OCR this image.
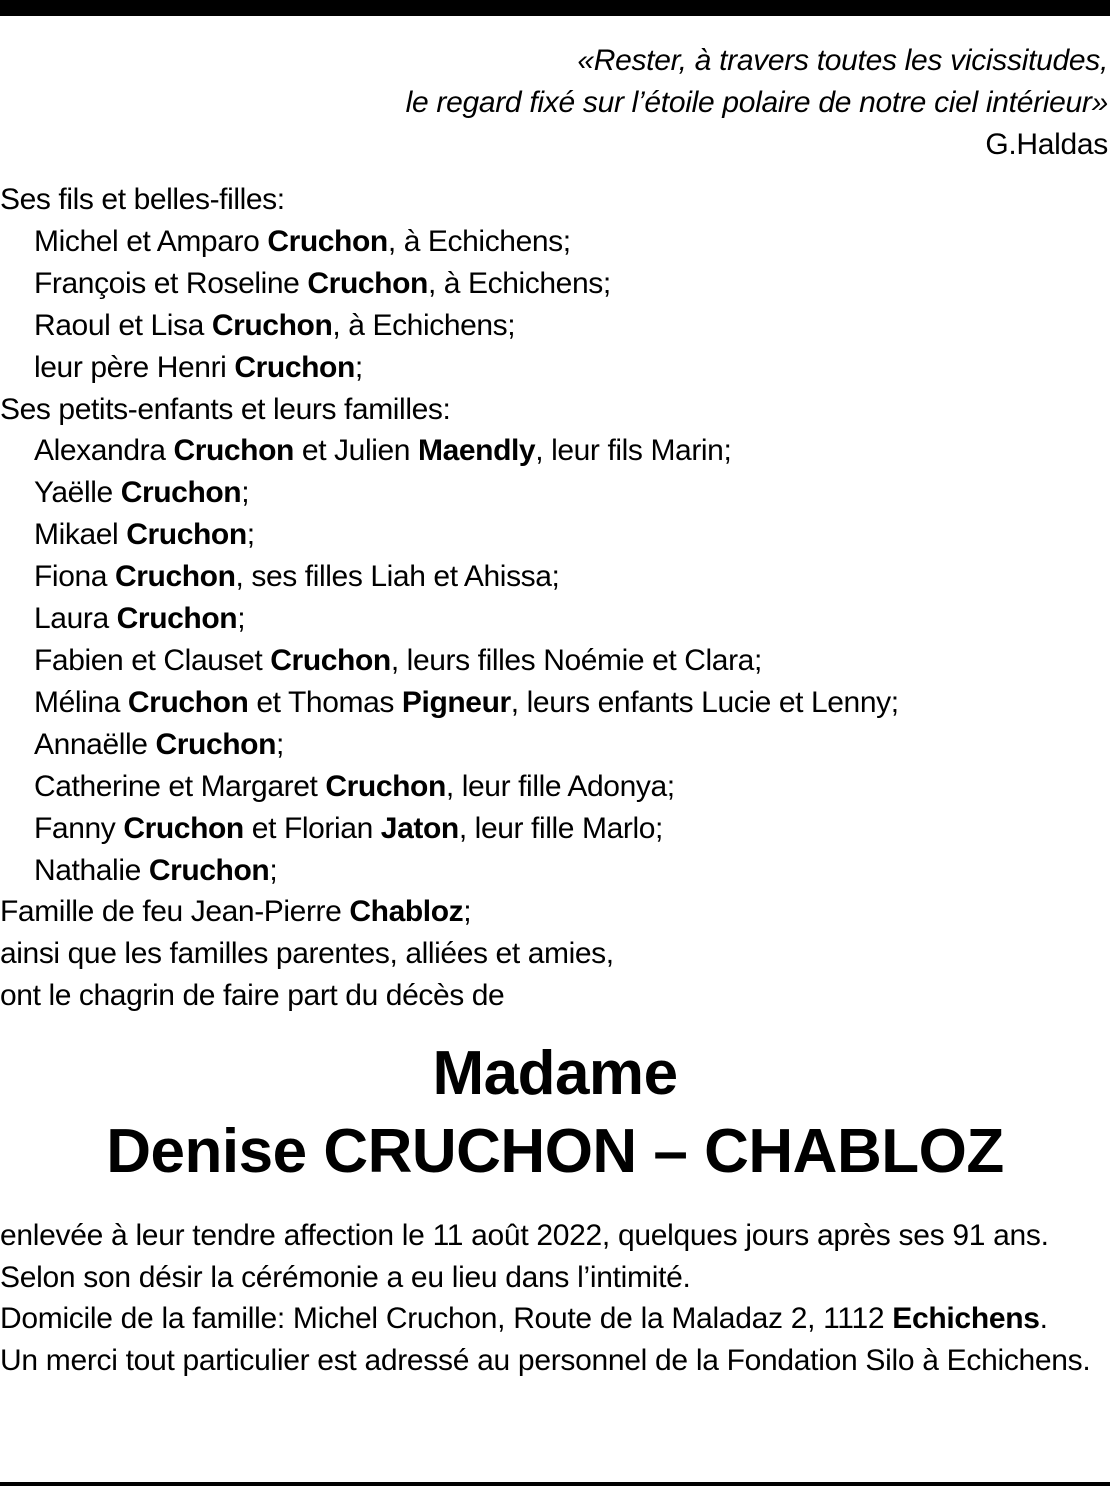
«Rester, à travers toutes les vicissitudes,
le regard fixé sur l’étoile polaire de notre ciel intérieur»
G.Haldas
Ses fils et belles-filles:
Michel et Amparo Cruchon, à Echichens;
François et Roseline Cruchon, à Echichens;
Raoul et Lisa Cruchon, à Echichens;
leur père Henri Cruchon;
Ses petits-enfants et leurs familles:
Alexandra Cruchon et Julien Maendly, leur fils Marin;
Yaëlle Cruchon;
Mikael Cruchon;
Fiona Cruchon, ses filles Liah et Ahissa;
Laura Cruchon;
Fabien et Clauset Cruchon, leurs filles Noémie et Clara;
Mélina Cruchon et Thomas Pigneur, leurs enfants Lucie et Lenny;
Annaëlle Cruchon;
Catherine et Margaret Cruchon, leur fille Adonya;
Fanny Cruchon et Florian Jaton, leur fille Marlo;
Nathalie Cruchon;
Famille de feu Jean-Pierre Chabloz;
ainsi que les familles parentes, alliées et amies,
ont le chagrin de faire part du décès de
Madame
Denise CRUCHON – CHABLOZ
enlevée à leur tendre affection le 11 août 2022, quelques jours après ses 91 ans.
Selon son désir la cérémonie a eu lieu dans l’intimité.
Domicile de la famille: Michel Cruchon, Route de la Maladaz 2, 1112 Echichens.
Un merci tout particulier est adressé au personnel de la Fondation Silo à Echichens.
